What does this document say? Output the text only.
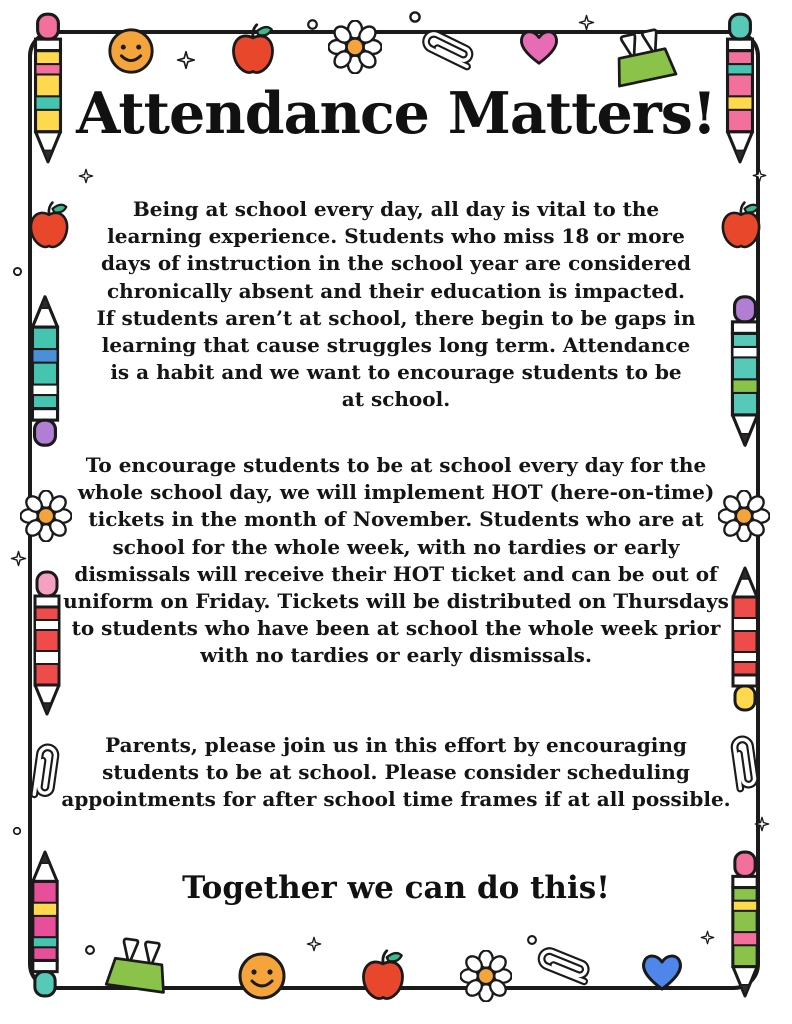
Attendance Matters!

Being at school every day, all day is vital to the learning experience. Students who miss 18 or more days of instruction in the school year are considered chronically absent and their education is impacted. If students aren’t at school, there begin to be gaps in learning that cause struggles long term. Attendance is a habit and we want to encourage students to be at school.

To encourage students to be at school every day for the whole school day, we will implement HOT (here-on-time) tickets in the month of November. Students who are at school for the whole week, with no tardies or early dismissals will receive their HOT ticket and can be out of uniform on Friday. Tickets will be distributed on Thursdays to students who have been at school the whole week prior with no tardies or early dismissals.

Parents, please join us in this effort by encouraging students to be at school. Please consider scheduling appointments for after school time frames if at all possible.

Together we can do this!
